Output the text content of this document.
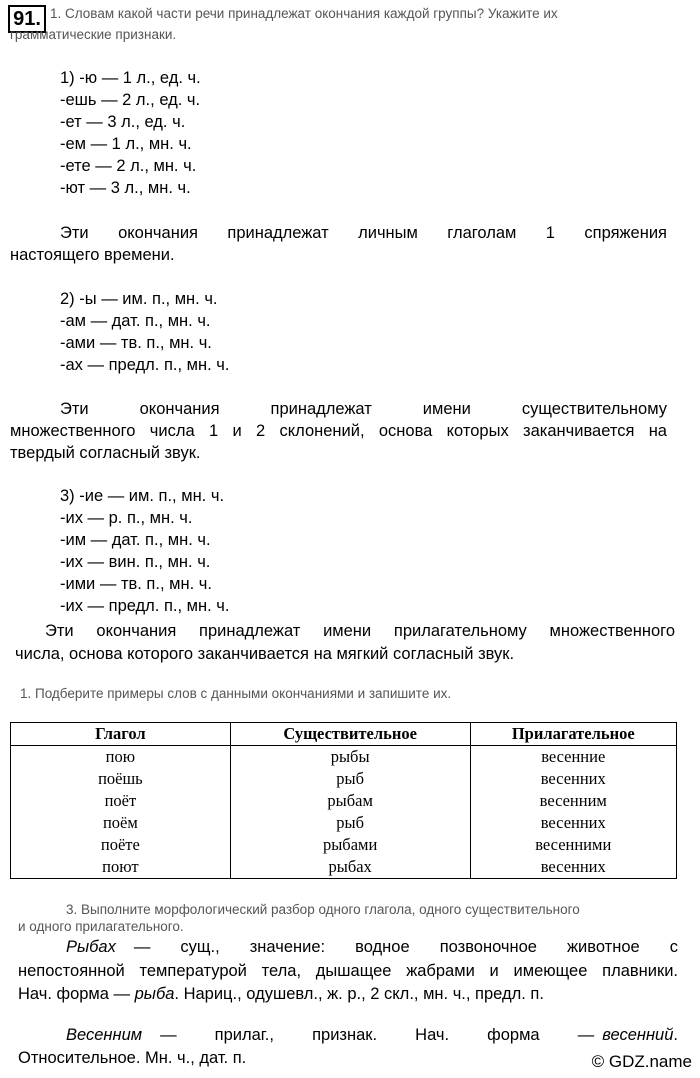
91. 1. Словам какой части речи принадлежат окончания каждой группы? Укажите их
грамматические признаки.
1) -ю — 1 л., ед. ч.
-ешь — 2 л., ед. ч.
-ет — 3 л., ед. ч.
-ем — 1 л., мн. ч.
-ете — 2 л., мн. ч.
-ют — 3 л., мн. ч.
Эти окончания принадлежат личным глаголам 1 спряжения
настоящего времени.
2) -ы — им. п., мн. ч.
-ам — дат. п., мн. ч.
-ами — тв. п., мн. ч.
-ах — предл. п., мн. ч.
Эти окончания принадлежат имени существительному
множественного числа 1 и 2 склонений, основа которых заканчивается на
твердый согласный звук.
3) -ие — им. п., мн. ч.
-их — р. п., мн. ч.
-им — дат. п., мн. ч.
-их — вин. п., мн. ч.
-ими — тв. п., мн. ч.
-их — предл. п., мн. ч.
Эти окончания принадлежат имени прилагательному множественного
числа, основа которого заканчивается на мягкий согласный звук.
1. Подберите примеры слов с данными окончаниями и запишите их.
Глагол	Существительное	Прилагательное
пою	рыбы	весенние
поёшь	рыб	весенних
поёт	рыбам	весенним
поём	рыб	весенних
поёте	рыбами	весенними
поют	рыбах	весенних
3. Выполните морфологический разбор одного глагола, одного существительного
и одного прилагательного.
Рыбах	— сущ., значение: водное позвоночное животное с
непостоянной температурой тела, дышащее жабрами и имеющее плавники.
Нач. форма — рыба. Нариц., одушевл., ж. р., 2 скл., мн. ч., предл. п.
Весенним	— прилаг., признак. Нач. форма — весенний .
Относительное. Мн. ч., дат. п.	© GDZ.name
